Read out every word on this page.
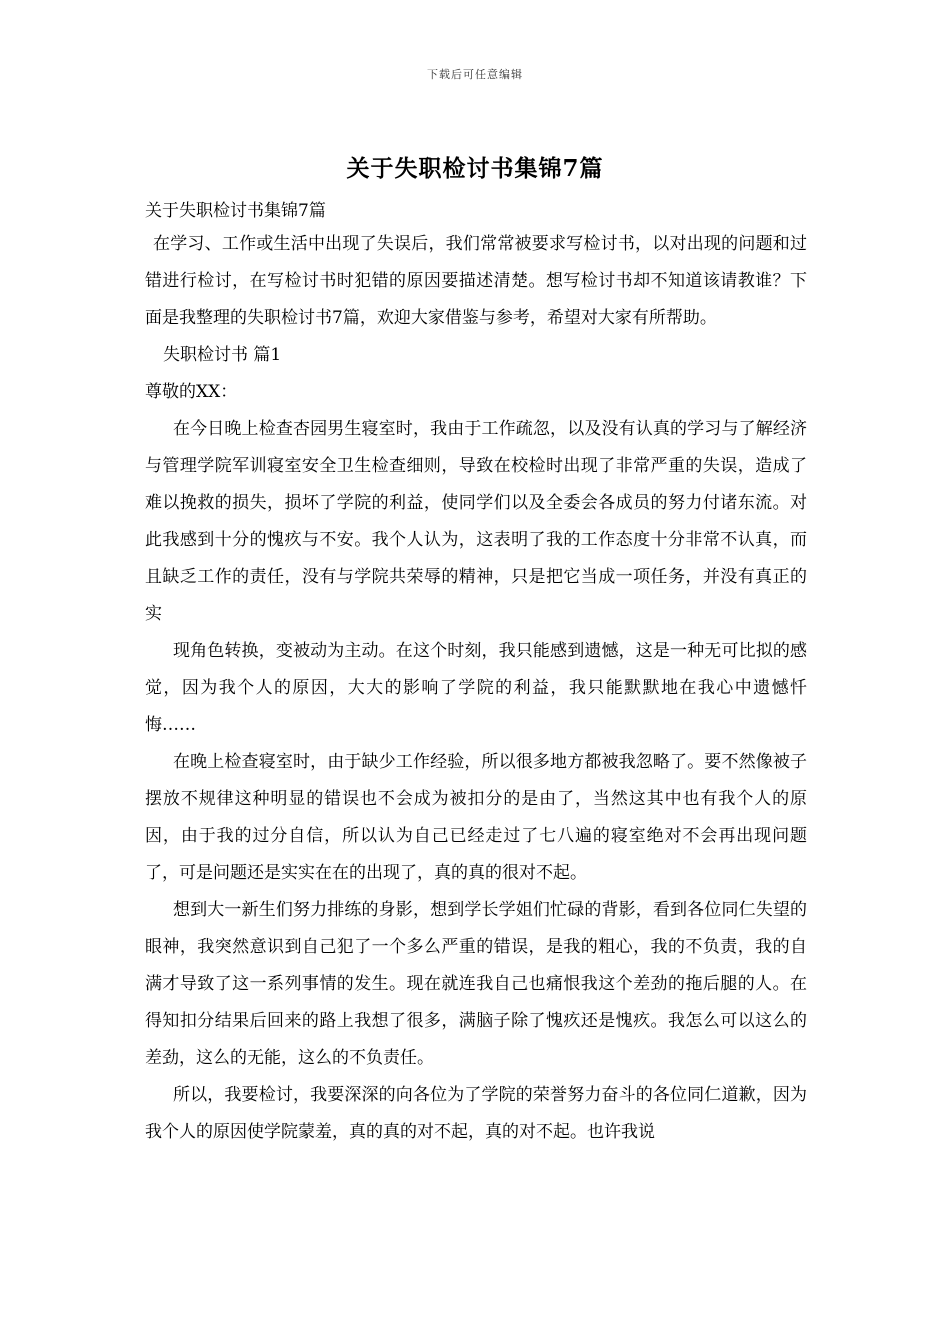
下载后可任意编辑
关于失职检讨书集锦7篇

关于失职检讨书集锦7篇

在学习、工作或生活中出现了失误后，我们常常被要求写检讨书，以对出现的问题和过错进行检讨，在写检讨书时犯错的原因要描述清楚。想写检讨书却不知道该请教谁？下面是我整理的失职检讨书7篇，欢迎大家借鉴与参考，希望对大家有所帮助。

失职检讨书 篇1

尊敬的XX：

在今日晚上检查杏园男生寝室时，我由于工作疏忽，以及没有认真的学习与了解经济与管理学院军训寝室安全卫生检查细则，导致在校检时出现了非常严重的失误，造成了难以挽救的损失，损坏了学院的利益，使同学们以及全委会各成员的努力付诸东流。对此我感到十分的愧疚与不安。我个人认为，这表明了我的工作态度十分非常不认真，而且缺乏工作的责任，没有与学院共荣辱的精神，只是把它当成一项任务，并没有真正的实

现角色转换，变被动为主动。在这个时刻，我只能感到遗憾，这是一种无可比拟的感觉，因为我个人的原因，大大的影响了学院的利益，我只能默默地在我心中遗憾忏悔……

在晚上检查寝室时，由于缺少工作经验，所以很多地方都被我忽略了。要不然像被子摆放不规律这种明显的错误也不会成为被扣分的是由了，当然这其中也有我个人的原因，由于我的过分自信，所以认为自己已经走过了七八遍的寝室绝对不会再出现问题了，可是问题还是实实在在的出现了，真的真的很对不起。

想到大一新生们努力排练的身影，想到学长学姐们忙碌的背影，看到各位同仁失望的眼神，我突然意识到自己犯了一个多么严重的错误，是我的粗心，我的不负责，我的自满才导致了这一系列事情的发生。现在就连我自己也痛恨我这个差劲的拖后腿的人。在得知扣分结果后回来的路上我想了很多，满脑子除了愧疚还是愧疚。我怎么可以这么的差劲，这么的无能，这么的不负责任。

所以，我要检讨，我要深深的向各位为了学院的荣誉努力奋斗的各位同仁道歉，因为我个人的原因使学院蒙羞，真的真的对不起，真的对不起。也许我说
